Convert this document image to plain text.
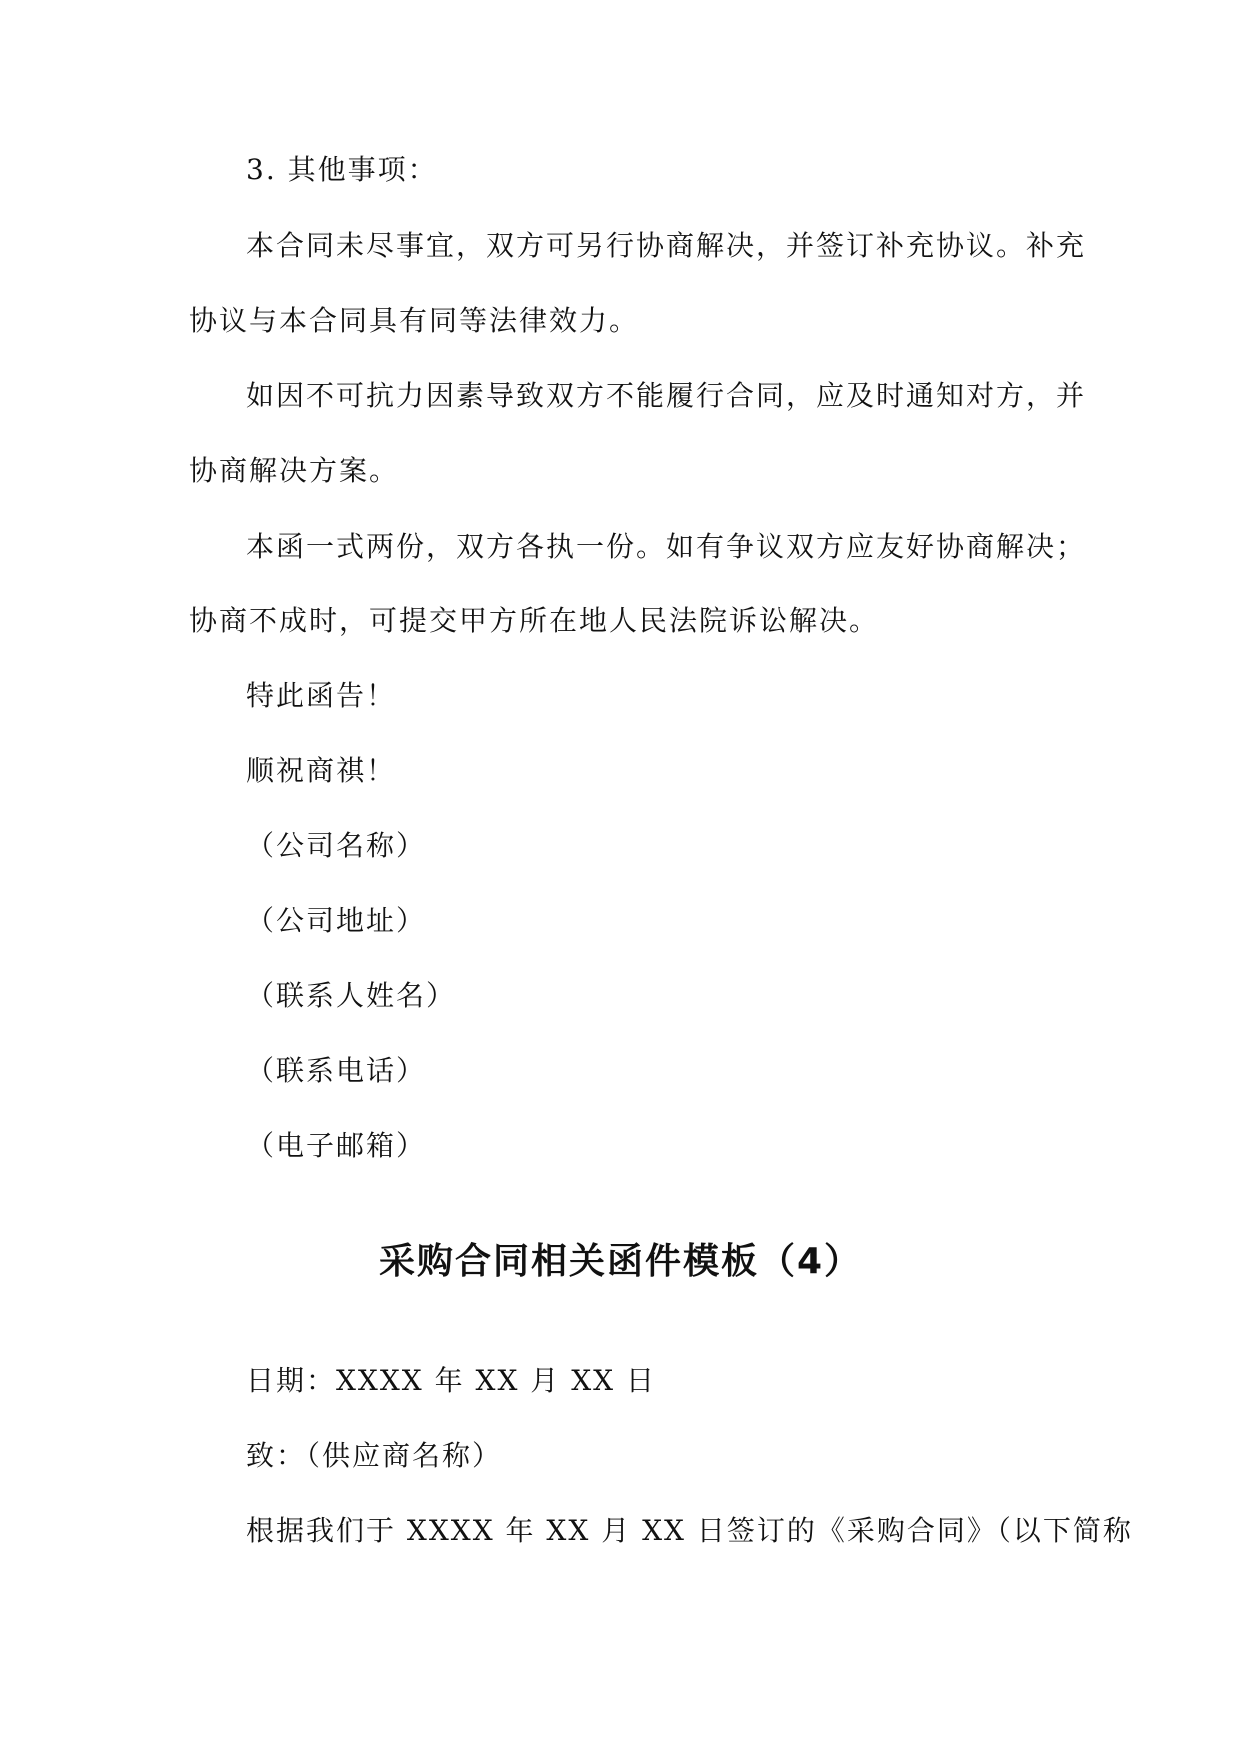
3. 其他事项：
本合同未尽事宜，双方可另行协商解决，并签订补充协议。补充
协议与本合同具有同等法律效力。
如因不可抗力因素导致双方不能履行合同，应及时通知对方，并
协商解决方案。
本函一式两份，双方各执一份。如有争议双方应友好协商解决；
协商不成时，可提交甲方所在地人民法院诉讼解决。
特此函告！
顺祝商祺！
（公司名称）
（公司地址）
（联系人姓名）
（联系电话）
（电子邮箱）
采购合同相关函件模板（4）
日期：XXXX 年 XX 月 XX 日
致：（供应商名称）
根据我们于 XXXX 年 XX 月 XX 日签订的《采购合同》（以下简称
